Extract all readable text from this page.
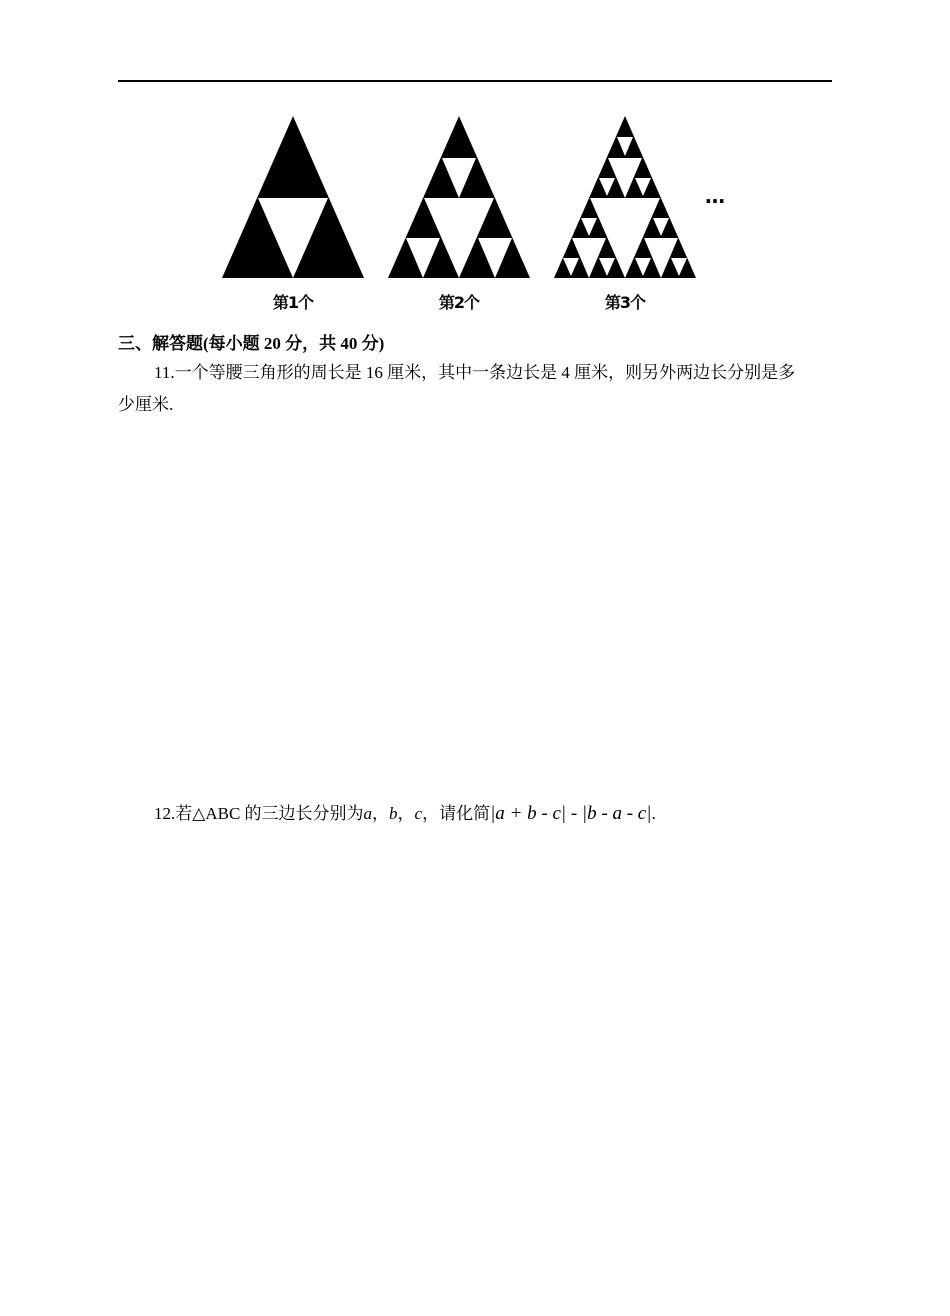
…
第1个	第2个	第3个
三、解答题(每小题 20 分，共 40 分)
11.一个等腰三角形的周长是 16 厘米，其中一条边长是 4 厘米，则另外两边长分别是多
少厘米.
12.若△ABC 的三边长分别为a，b，c，请化简|a + b - c| - |b - a - c|.
